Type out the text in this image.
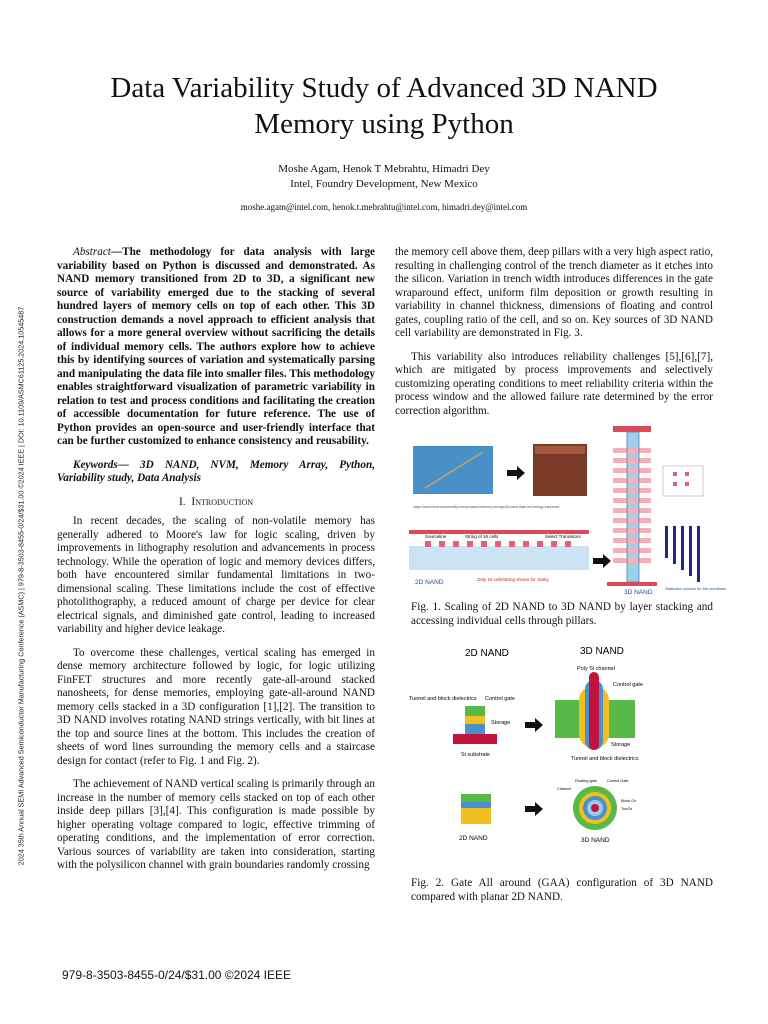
Data Variability Study of Advanced 3D NAND Memory using Python
Moshe Agam, Henok T Mebrahtu, Himadri Dey
Intel, Foundry Development, New Mexico
moshe.agam@intel.com, henok.t.mebrahtu@intel.com, himadri.dey@intel.com
2024 35th Annual SEMI Advanced Semiconductor Manufacturing Conference (ASMC) | 979-8-3503-8455-0/24/$31.00 ©2024 IEEE | DOI: 10.1109/ASMC61125.2024.10545487

Abstract—The methodology for data analysis with large variability based on Python is discussed and demonstrated. As NAND memory transitioned from 2D to 3D, a significant new source of variability emerged due to the stacking of several hundred layers of memory cells on top of each other. This 3D construction demands a novel approach to efficient analysis that allows for a more general overview without sacrificing the details of individual memory cells. The authors explore how to achieve this by identifying sources of variation and systematically parsing and manipulating the data file into smaller files. This methodology enables straightforward visualization of parametric variability in relation to test and process conditions and facilitating the creation of accessible documentation for future reference. The use of Python provides an open-source and user-friendly interface that can be further customized to enhance consistency and reusability.

Keywords— 3D NAND, NVM, Memory Array, Python, Variability study, Data Analysis

I. Introduction

In recent decades, the scaling of non-volatile memory has generally adhered to Moore's law for logic scaling, driven by improvements in lithography resolution and advancements in process technology. While the operation of logic and memory devices differs, both have encountered similar fundamental limitations in two-dimensional scaling. These limitations include the cost of effective photolithography, a reduced amount of charge per device for clear electrical signals, and diminished gate control, leading to increased variability and higher device leakage.

To overcome these challenges, vertical scaling has emerged in dense memory architecture followed by logic, for logic utilizing FinFET structures and more recently gate-all-around stacked nanosheets, for dense memories, employing gate-all-around NAND memory cells stacked in a 3D configuration [1],[2]. The transition to 3D NAND involves rotating NAND strings vertically, with bit lines at the top and source lines at the bottom. This includes the creation of sheets of word lines surrounding the memory cells and a staircase design for contact (refer to Fig. 1 and Fig. 2).

The achievement of NAND vertical scaling is primarily through an increase in the number of memory cells stacked on top of each other inside deep pillars [3],[4]. This configuration is made possible by higher operating voltage compared to logic, effective trimming of operating conditions, and the implementation of error correction. Various sources of variability are taken into consideration, starting with the polysilicon channel with grain boundaries randomly crossing

the memory cell above them, deep pillars with a very high aspect ratio, resulting in challenging control of the trench diameter as it etches into the silicon. Variation in trench width introduces differences in the gate wraparound effect, uniform film deposition or growth resulting in variability in channel thickness, dimensions of floating and control gates, coupling ratio of the cell, and so on. Key sources of 3D NAND cell variability are demonstrated in Fig. 3.

This variability also introduces reliability challenges [5],[6],[7], which are mitigated by process improvements and selectively customizing operating conditions to meet reliability criteria within the process window and the allowed failure rate determined by the error correction algorithm.

https://www.electronicsweekly.com/products/memory-storage/3d-nand-flash-technology-explained
Sourceline	String of 16 cells	Select Transistors
2D NAND	Only 16 cells/string shown for clarity
3D NAND
Staircase contact for the wordlines

Fig. 1. Scaling of 2D NAND to 3D NAND by layer stacking and accessing individual cells through pillars.

2D NAND	3D NAND
Tunnel and block dielectrics Control gate
Storage
Si substrate
Poly Si channel
Control gate
Storage
Tunnel and block dielectrics
2D NAND
Floating gate	Control Gate
Channel
Block Ox
TunOx
3D NAND

Fig. 2. Gate All around (GAA) configuration of 3D NAND compared with planar 2D NAND.

979-8-3503-8455-0/24/$31.00 ©2024 IEEE
